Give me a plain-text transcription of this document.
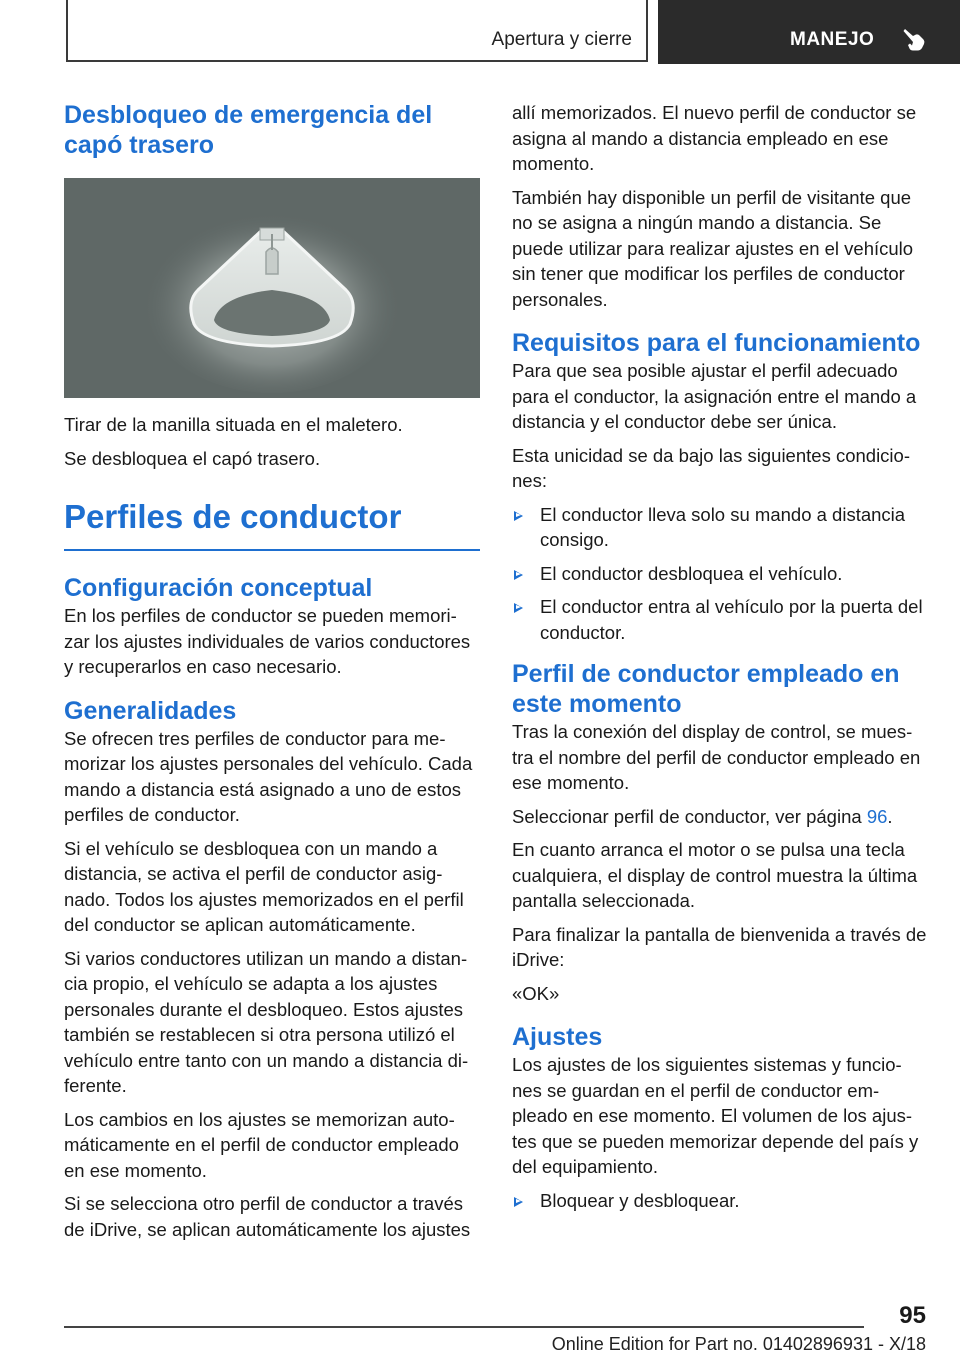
Apertura y cierre	MANEJO
Desbloqueo de emergencia del capó trasero

Tirar de la manilla situada en el maletero.

Se desbloquea el capó trasero.

Perfiles de conductor
Configuración conceptual

En los perfiles de conductor se pueden memori-zar los ajustes individuales de varios conductores y recuperarlos en caso necesario.

Generalidades

Se ofrecen tres perfiles de conductor para me-morizar los ajustes personales del vehículo. Cada mando a distancia está asignado a uno de estos perfiles de conductor.

Si el vehículo se desbloquea con un mando a distancia, se activa el perfil de conductor asig-nado. Todos los ajustes memorizados en el perfil del conductor se aplican automáticamente.

Si varios conductores utilizan un mando a distan-cia propio, el vehículo se adapta a los ajustes personales durante el desbloqueo. Estos ajustes también se restablecen si otra persona utilizó el vehículo entre tanto con un mando a distancia di-ferente.

Los cambios en los ajustes se memorizan auto-máticamente en el perfil de conductor empleado en ese momento.

Si se selecciona otro perfil de conductor a través de iDrive, se aplican automáticamente los ajustes

allí memorizados. El nuevo perfil de conductor se asigna al mando a distancia empleado en ese momento.

También hay disponible un perfil de visitante que no se asigna a ningún mando a distancia. Se puede utilizar para realizar ajustes en el vehículo sin tener que modificar los perfiles de conductor personales.

Requisitos para el funcionamiento

Para que sea posible ajustar el perfil adecuado para el conductor, la asignación entre el mando a distancia y el conductor debe ser única.

Esta unicidad se da bajo las siguientes condicio-nes:

El conductor lleva solo su mando a distancia consigo.
El conductor desbloquea el vehículo.
El conductor entra al vehículo por la puerta del conductor.
Perfil de conductor empleado en este momento

Tras la conexión del display de control, se mues-tra el nombre del perfil de conductor empleado en ese momento.

Seleccionar perfil de conductor, ver página 96.

En cuanto arranca el motor o se pulsa una tecla cualquiera, el display de control muestra la última pantalla seleccionada.

Para finalizar la pantalla de bienvenida a través de iDrive:

«OK»

Ajustes

Los ajustes de los siguientes sistemas y funcio-nes se guardan en el perfil de conductor em-pleado en ese momento. El volumen de los ajus-tes que se pueden memorizar depende del país y del equipamiento.

Bloquear y desbloquear.
95
Online Edition for Part no. 01402896931 - X/18
